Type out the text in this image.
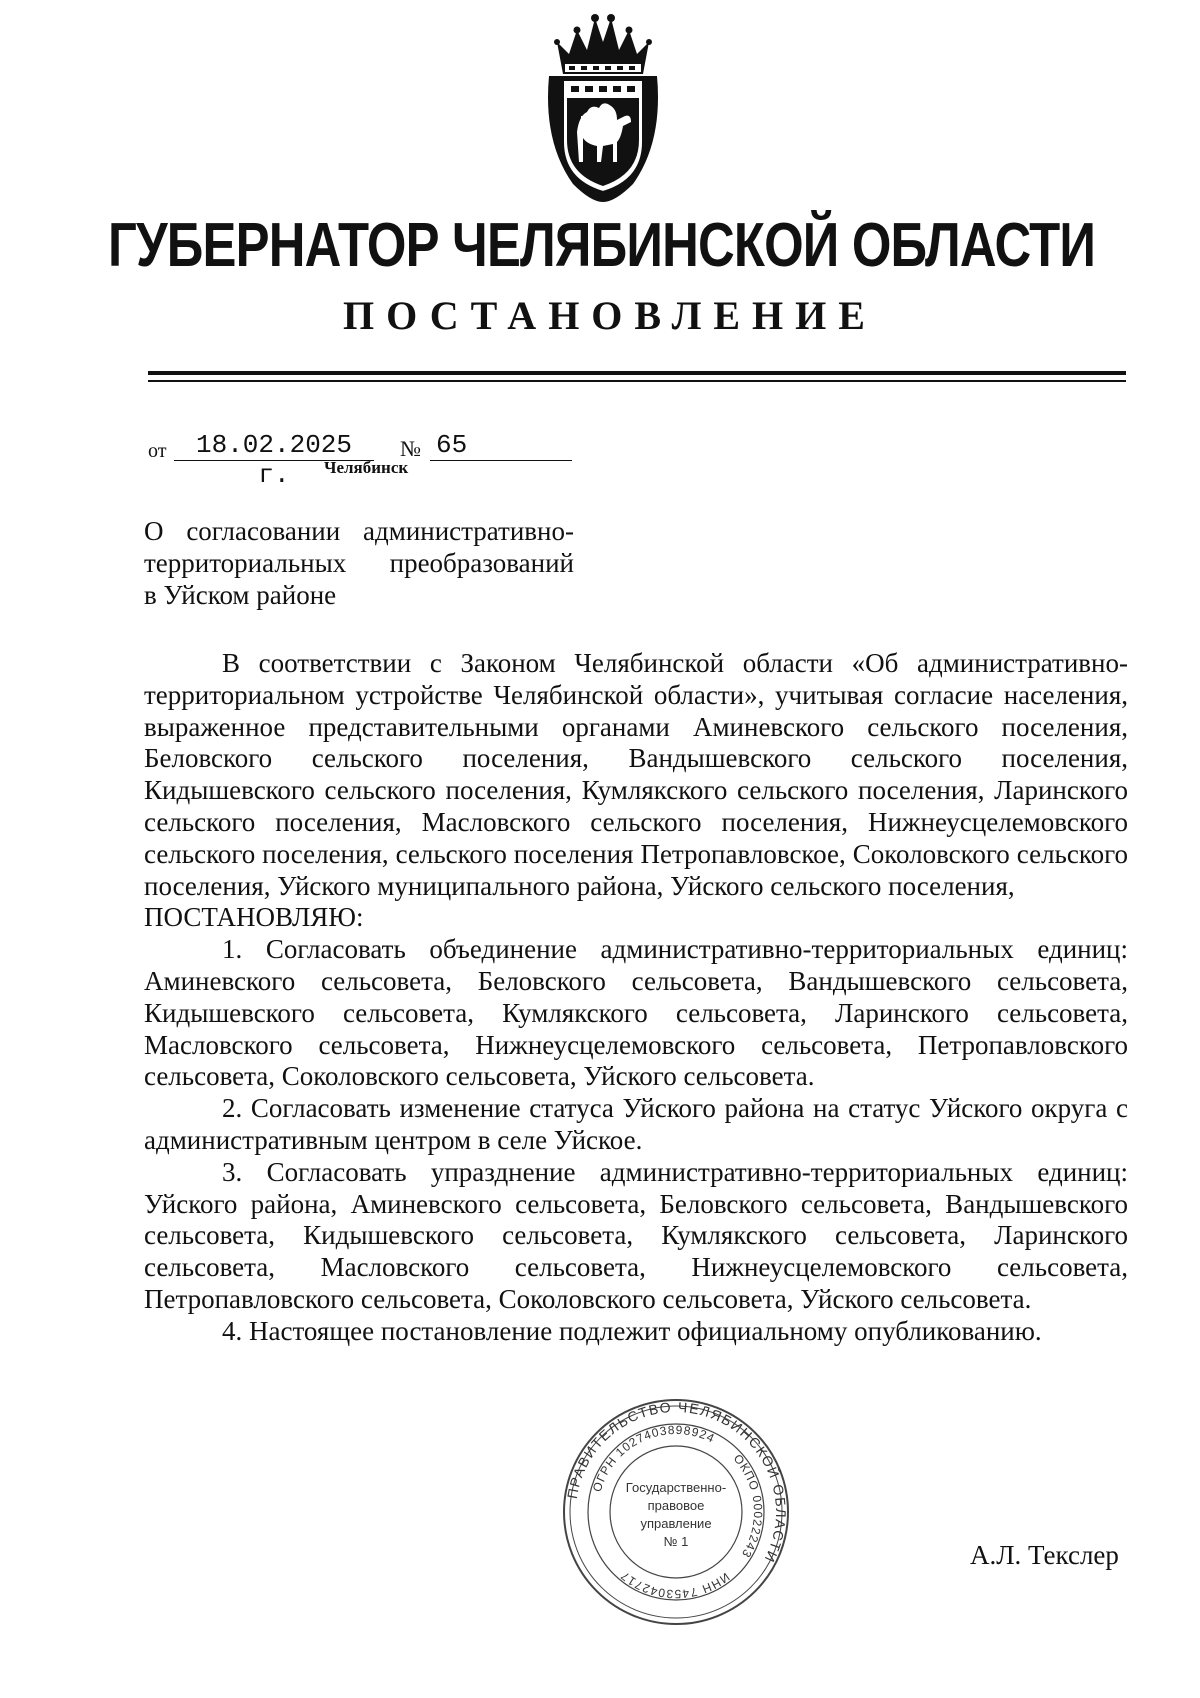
ГУБЕРНАТОР ЧЕЛЯБИНСКОЙ ОБЛАСТИ
ПОСТАНОВЛЕНИЕ
от	18.02.2025 г.
№ 65
Челябинск
О согласовании административно-
территориальных преобразований
в Уйском районе

В соответствии с Законом Челябинской области «Об административно-территориальном устройстве Челябинской области», учитывая согласие населения, выраженное представительными органами Аминевского сельского поселения, Беловского сельского поселения, Вандышевского сельского поселения, Кидышевского сельского поселения, Кумлякского сельского поселения, Ларинского сельского поселения, Масловского сельского поселения, Нижнеусцелемовского сельского поселения, сельского поселения Петропавловское, Соколовского сельского поселения, Уйского муниципального района, Уйского сельского поселения,

ПОСТАНОВЛЯЮ:

1. Согласовать объединение административно-территориальных единиц: Аминевского сельсовета, Беловского сельсовета, Вандышевского сельсовета, Кидышевского сельсовета, Кумлякского сельсовета, Ларинского сельсовета, Масловского сельсовета, Нижнеусцелемовского сельсовета, Петропавловского сельсовета, Соколовского сельсовета, Уйского сельсовета.

2. Согласовать изменение статуса Уйского района на статус Уйского округа с административным центром в селе Уйское.

3. Согласовать упразднение административно-территориальных единиц: Уйского района, Аминевского сельсовета, Беловского сельсовета, Вандышевского сельсовета, Кидышевского сельсовета, Кумлякского сельсовета, Ларинского сельсовета, Масловского сельсовета, Нижнеусцелемовского сельсовета, Петропавловского сельсовета, Соколовского сельсовета, Уйского сельсовета.

4. Настоящее постановление подлежит официальному опубликованию.

ПРАВИТЕЛЬСТВО ЧЕЛЯБИНСКОЙ ОБЛАСТИ
ОГРН 1027403898924
ОКПО 00022243
ИНН 7453042717
Государственно-
правовое
управление
№ 1	А.Л. Текслер
